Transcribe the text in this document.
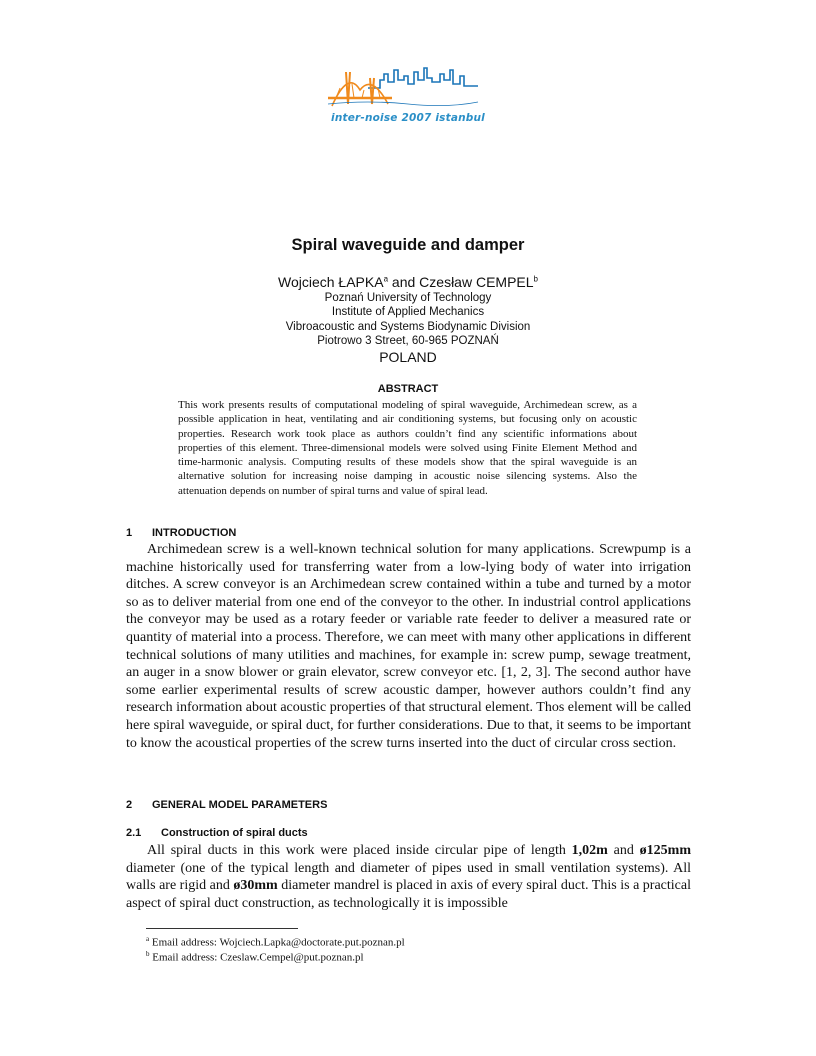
inter-noise 2007 istanbul
Spiral waveguide and damper
Wojciech ŁAPKA$^a$ and Czesław CEMPEL$^b$
Poznań University of Technology
Institute of Applied Mechanics
Vibroacoustic and Systems Biodynamic Division
Piotrowo 3 Street, 60-965 POZNAŃ
POLAND
ABSTRACT

This work presents results of computational modeling of spiral waveguide, Archimedean screw, as a possible application in heat, ventilating and air conditioning systems, but focusing only on acoustic properties. Research work took place as authors couldn’t find any scientific informations about properties of this element. Three-dimensional models were solved using Finite Element Method and time-harmonic analysis. Computing results of these models show that the spiral waveguide is an alternative solution for increasing noise damping in acoustic noise silencing systems. Also the attenuation depends on number of spiral turns and value of spiral lead.

1 INTRODUCTION

Archimedean screw is a well-known technical solution for many applications. Screwpump is a machine historically used for transferring water from a low-lying body of water into irrigation ditches. A screw conveyor is an Archimedean screw contained within a tube and turned by a motor so as to deliver material from one end of the conveyor to the other. In industrial control applications the conveyor may be used as a rotary feeder or variable rate feeder to deliver a measured rate or quantity of material into a process. Therefore, we can meet with many other applications in different technical solutions of many utilities and machines, for example in: screw pump, sewage treatment, an auger in a snow blower or grain elevator, screw conveyor etc. [1, 2, 3]. The second author have some earlier experimental results of screw acoustic damper, however authors couldn’t find any research information about acoustic properties of that structural element. Thos element will be called here spiral waveguide, or spiral duct, for further considerations. Due to that, it seems to be important to know the acoustical properties of the screw turns inserted into the duct of circular cross section.

2 GENERAL MODEL PARAMETERS
2.1 Construction of spiral ducts

All spiral ducts in this work were placed inside circular pipe of length 1,02m and ø125mm diameter (one of the typical length and diameter of pipes used in small ventilation systems). All walls are rigid and ø30mm diameter mandrel is placed in axis of every spiral duct. This is a practical aspect of spiral duct construction, as technologically it is impossible

$^a$ Email address: Wojciech.Lapka@doctorate.put.poznan.pl
$^b$ Email address: Czeslaw.Cempel@put.poznan.pl
